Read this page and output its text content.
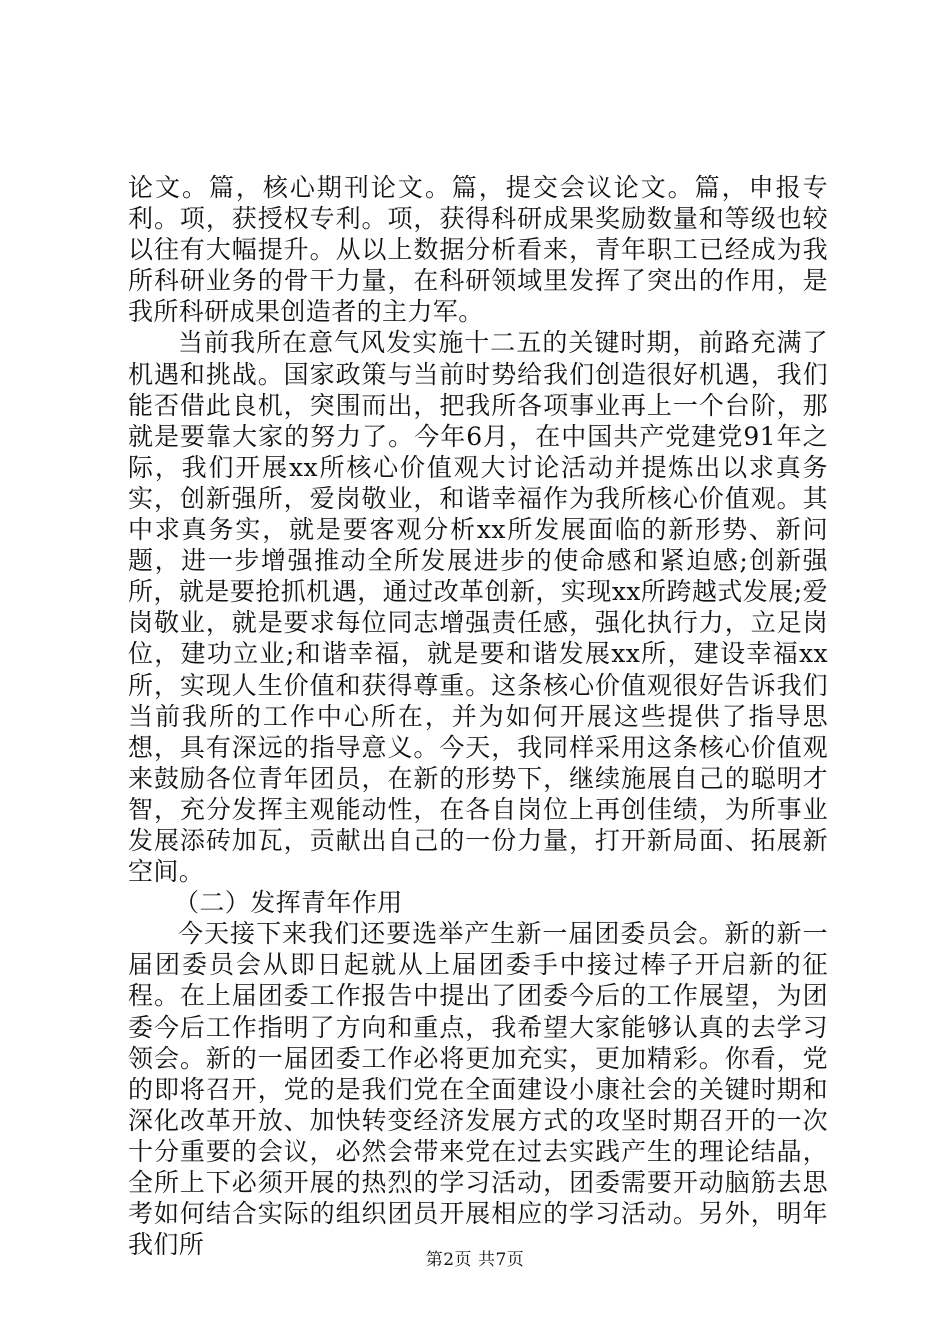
论文。篇，核心期刊论文。篇，提交会议论文。篇，申报专利。项，获授权专利。项，获得科研成果奖励数量和等级也较以往有大幅提升。从以上数据分析看来，青年职工已经成为我所科研业务的骨干力量，在科研领域里发挥了突出的作用，是我所科研成果创造者的主力军。

当前我所在意气风发实施十二五的关键时期，前路充满了机遇和挑战。国家政策与当前时势给我们创造很好机遇，我们能否借此良机，突围而出，把我所各项事业再上一个台阶，那就是要靠大家的努力了。今年6月，在中国共产党建党91年之际，我们开展xx所核心价值观大讨论活动并提炼出以求真务实，创新强所，爱岗敬业，和谐幸福作为我所核心价值观。其中求真务实，就是要客观分析xx所发展面临的新形势、新问题，进一步增强推动全所发展进步的使命感和紧迫感;创新强所，就是要抢抓机遇，通过改革创新，实现xx所跨越式发展;爱岗敬业，就是要求每位同志增强责任感，强化执行力，立足岗位，建功立业;和谐幸福，就是要和谐发展xx所，建设幸福xx所，实现人生价值和获得尊重。这条核心价值观很好告诉我们当前我所的工作中心所在，并为如何开展这些提供了指导思想，具有深远的指导意义。今天，我同样采用这条核心价值观来鼓励各位青年团员，在新的形势下，继续施展自己的聪明才智，充分发挥主观能动性，在各自岗位上再创佳绩，为所事业发展添砖加瓦，贡献出自己的一份力量，打开新局面、拓展新空间。

（二）发挥青年作用

今天接下来我们还要选举产生新一届团委员会。新的新一届团委员会从即日起就从上届团委手中接过棒子开启新的征程。在上届团委工作报告中提出了团委今后的工作展望，为团委今后工作指明了方向和重点，我希望大家能够认真的去学习领会。新的一届团委工作必将更加充实，更加精彩。你看，党的即将召开，党的是我们党在全面建设小康社会的关键时期和深化改革开放、加快转变经济发展方式的攻坚时期召开的一次十分重要的会议，必然会带来党在过去实践产生的理论结晶，全所上下必须开展的热烈的学习活动，团委需要开动脑筋去思考如何结合实际的组织团员开展相应的学习活动。另外，明年我们所

第2页 共7页
